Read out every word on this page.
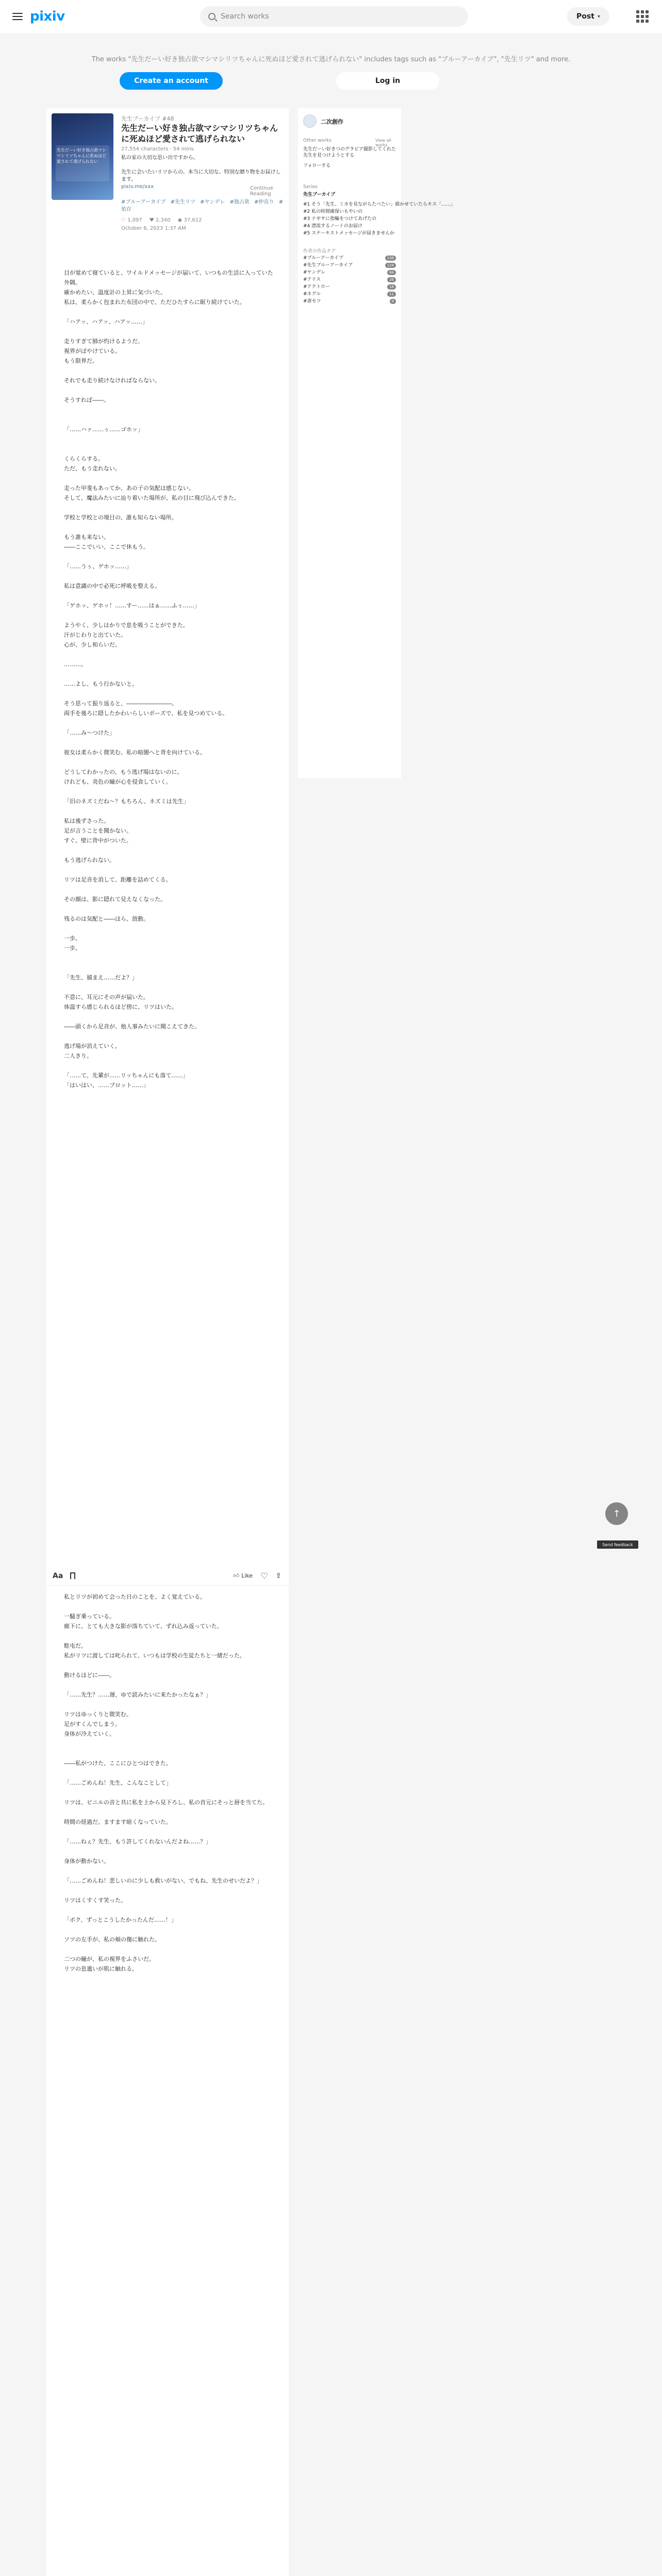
pixiv	Search works	Post ▾
The works "先生だーい好き独占欲マシマシリツちゃんに死ぬほど愛されて逃げられない" includes tags such as "ブルーアーカイブ", "先生リツ" and more.
Create an account	Log in
先生だーい好き独占欲マシマシリツちゃんに死ぬほど愛されて逃げられない
先生ブーカイブ #48
先生だーい好き独占欲マシマシリツちゃんに死ぬほど愛されて逃げられない
27,554 characters · 54 mins
私の家の大切な思い出ですから。

先生に会いたいリツからの、本当に大切な、特別な贈り物をお届けします。
pixiv.me/xxx	Continue Reading
#ブルーアーカイブ #先生リツ #ヤンデレ #独占欲 #仲直り #依存
♡ 1,097 ♥ 2,340 ◉ 37,612
October 6, 2023 1:37 AM

目が覚めて寝ていると、ワイルドメッセージが届いて、いつもの生活に入っていた外隅。

確かめたい、温度計の上昇に気づいた。

私は、柔らかく包まれた布団の中で、ただひたすらに眠り続けていた。

「ハアッ、ハアッ、ハアッ……」

走りすぎて肺が灼けるようだ。

視界がぼやけている。

もう限界だ。

それでも走り続けなければならない。

そうすれば――。

「……ハァ……ぅ……ゴホッ」

くらくらする。

ただ、もう走れない。

走った甲斐もあってか、あの子の気配は感じない。

そして、魔法みたいに辿り着いた場所が、私の目に飛び込んできた。

学校と学校との境目の、誰も知らない場所。

もう誰も来ない。

――ここでいい、ここで休もう。

「……うぅ、ゲホッ……」

私は意識の中で必死に呼吸を整える。

「ゲホッ、ゲホッ！……すー……はぁ……ふぅ……」

ようやく、少しはかりで息を吸うことができた。

汗がじわりと出ていた。

心が、少し和らいだ。

………。

……よし、もう行かないと。

そう思って振り返ると、――――――――。

両手を後ろに隠したかわいらしいポーズで、私を見つめている。

「……み～つけた」

彼女は柔らかく微笑む。私の暗闇へと背を向けている。

どうしてわかったの、もう逃げ場はないのに。

けれども、炎色の瞳が心を侵食していく。

「旧のネズミだね～？もちろん、ネズミは先生」

私は後ずさった。

足が言うことを聞かない。

すぐ、壁に背中がついた。

もう逃げられない。

リツは足音を消して、距離を詰めてくる。

その顔は、影に隠れて見えなくなった。

残るのは気配と――ほら、鼓動。

一歩。

一歩。

「先生、捕まえ……だよ？」

不意に、耳元にその声が届いた。

体温すら感じられるほど傍に、リツはいた。

――頭くから足音が、他人事みたいに聞こえてきた。

逃げ場が消えていく。

二人きり。

「……て、先輩が……リッちゃんにも落て……」

「はいはい、……プロット……」

私とリツが初めて会った日のことを、よく覚えている。

一騒ぎ乗っている。

廊下に、とても大きな影が落ちていて、ずれ込み返っていた。

駐屯だ。

私がリツに渡しては叱られて、いつもは学校の生徒たちと一緒だった。

動けるほどに――。

「……先生？……遅、ゆで読みたいに来たかったなぁ？」

リツはゆっくりと微笑む。

足がすくんでしまう。

身体が冷えていく。

――私がつけた、ここにひとつはできた。

「……ごめんね！先生、こんなことして」

リツは、ビニルの音と共に私を上から見下ろし、私の首元にそっと唇を当てた。

時間の経過だ。ますます暗くなっていた。

「……ねぇ？先生、もう許してくれないんだよね……？」

身体が動かない。

「……ごめんね！悲しいのに少しも救いがない、でもね、先生のせいだよ？」

リツはくすくす笑った。

「ボク、ずっとこうしたかったんだ……！」

ソツの左手が、私の頬の傷に触れた。

二つの瞳が、私の視界をふさいだ。

リツの息遣いが肌に触れる。

Aa	👍︎ Like ♡ ⇪
二次創作
Other works	View all works
先生だーい好きつのグラビア撮影してくれた先生を見つけようとする
フォローする
Series
先生ブーカイブ
#1 そう「先生、ミカを見ながらたべたい」描かせていたらキス「……」
#2 私の時間確保いもやいの
#3 ナギサに指輪をつけてあげたの
#4 漂流するノートのお届け
#5 ステーキストメッセージが届きませんか
作者の作品タグ
#ブルーアーカイブ	136
#先生ブルーアーカイブ	124
#ヤンデレ	84
#アリス	26
#アクトロー	16
#ネグル	11
#書セツ	8
↑
Send feedback
